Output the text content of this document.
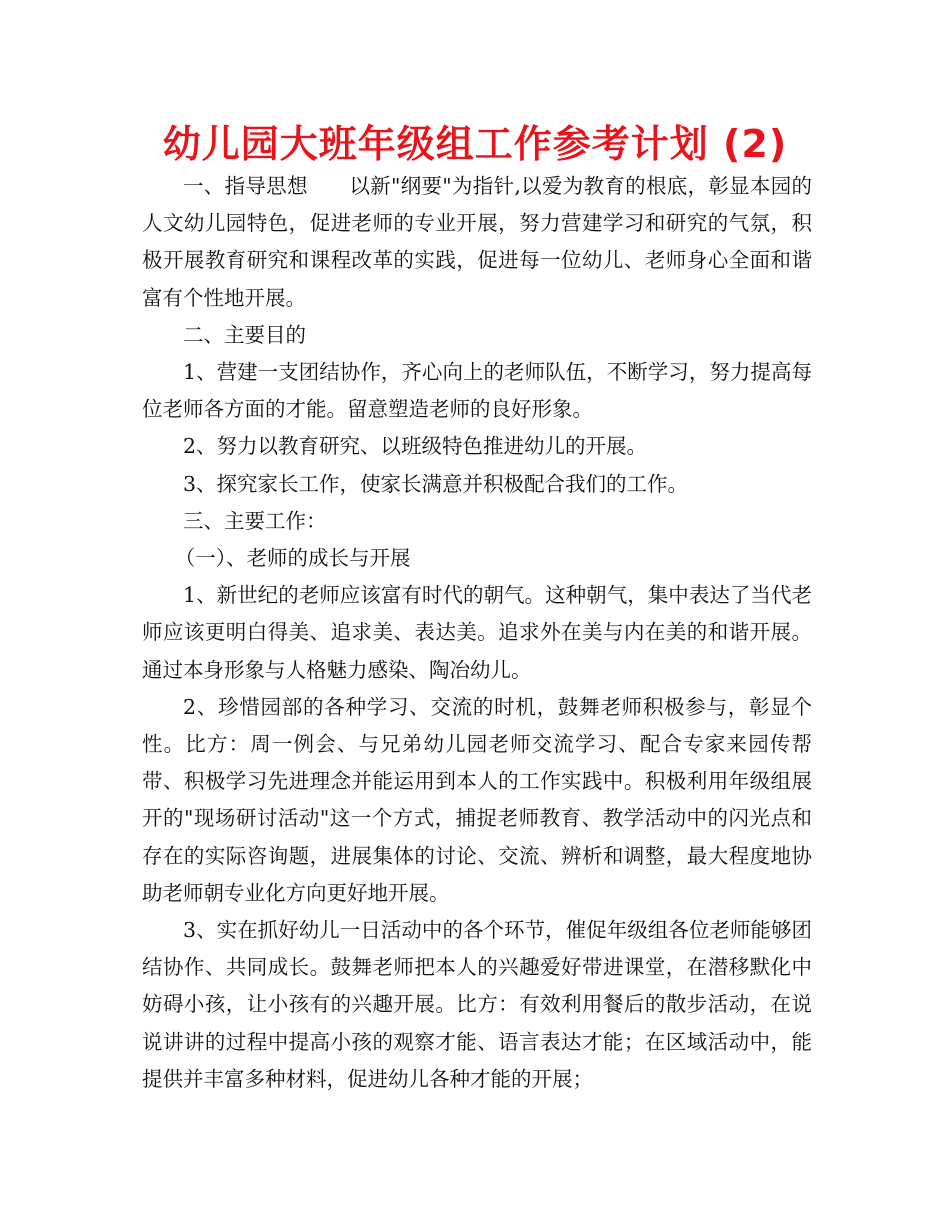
幼儿园大班年级组工作参考计划 (2)

一、指导思想　　以新"纲要"为指针,以爱为教育的根底，彰显本园的人文幼儿园特色，促进老师的专业开展，努力营建学习和研究的气氛，积极开展教育研究和课程改革的实践，促进每一位幼儿、老师身心全面和谐富有个性地开展。

二、主要目的

1、营建一支团结协作，齐心向上的老师队伍，不断学习，努力提高每位老师各方面的才能。留意塑造老师的良好形象。

2、努力以教育研究、以班级特色推进幼儿的开展。

3、探究家长工作，使家长满意并积极配合我们的工作。

三、主要工作：

（一）、老师的成长与开展

1、新世纪的老师应该富有时代的朝气。这种朝气，集中表达了当代老师应该更明白得美、追求美、表达美。追求外在美与内在美的和谐开展。通过本身形象与人格魅力感染、陶冶幼儿。

2、珍惜园部的各种学习、交流的时机，鼓舞老师积极参与，彰显个性。比方：周一例会、与兄弟幼儿园老师交流学习、配合专家来园传帮带、积极学习先进理念并能运用到本人的工作实践中。积极利用年级组展开的"现场研讨活动"这一个方式，捕捉老师教育、教学活动中的闪光点和存在的实际咨询题，进展集体的讨论、交流、辨析和调整，最大程度地协助老师朝专业化方向更好地开展。

3、实在抓好幼儿一日活动中的各个环节，催促年级组各位老师能够团结协作、共同成长。鼓舞老师把本人的兴趣爱好带进课堂，在潜移默化中妨碍小孩，让小孩有的兴趣开展。比方：有效利用餐后的散步活动，在说说讲讲的过程中提高小孩的观察才能、语言表达才能；在区域活动中，能提供并丰富多种材料，促进幼儿各种才能的开展；
